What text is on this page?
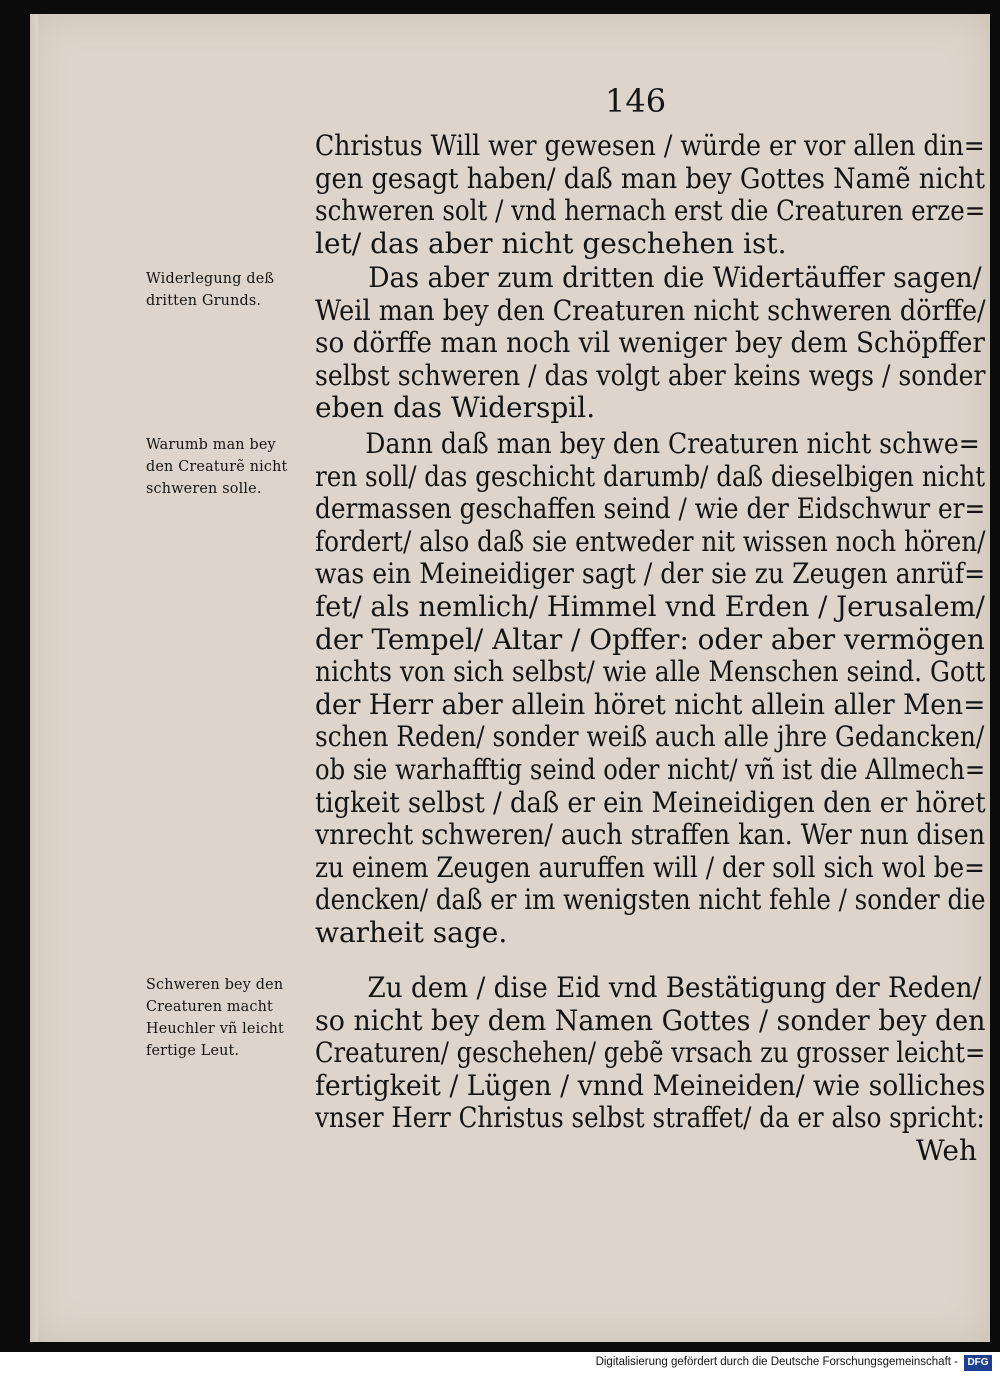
146
Widerlegung deß
dritten Grunds.
Warumb man bey
den Creaturẽ nicht
schweren solle.
Schweren bey den
Creaturen macht
Heuchler vñ leicht
fertige Leut.
Christus Will wer gewesen / würde er vor allen din=
gen gesagt haben/ daß man bey Gottes Namẽ nicht
schweren solt / vnd hernach erst die Creaturen erze=
let/ das aber nicht geschehen ist.
Das aber zum dritten die Widertäuffer sagen/
Weil man bey den Creaturen nicht schweren dörffe/
so dörffe man noch vil weniger bey dem Schöpffer
selbst schweren / das volgt aber keins wegs / sonder
eben das Widerspil.
Dann daß man bey den Creaturen nicht schwe=
ren soll/ das geschicht darumb/ daß dieselbigen nicht
dermassen geschaffen seind / wie der Eidschwur er=
fordert/ also daß sie entweder nit wissen noch hören/
was ein Meineidiger sagt / der sie zu Zeugen anrüf=
fet/ als nemlich/ Himmel vnd Erden / Jerusalem/
der Tempel/ Altar / Opffer: oder aber vermögen
nichts von sich selbst/ wie alle Menschen seind. Gott
der Herr aber allein höret nicht allein aller Men=
schen Reden/ sonder weiß auch alle jhre Gedancken/
ob sie warhafftig seind oder nicht/ vñ ist die Allmech=
tigkeit selbst / daß er ein Meineidigen den er höret
vnrecht schweren/ auch straffen kan. Wer nun disen
zu einem Zeugen auruffen will / der soll sich wol be=
dencken/ daß er im wenigsten nicht fehle / sonder die
warheit sage.
Zu dem / dise Eid vnd Bestätigung der Reden/
so nicht bey dem Namen Gottes / sonder bey den
Creaturen/ geschehen/ gebẽ vrsach zu grosser leicht=
fertigkeit / Lügen / vnnd Meineiden/ wie solliches
vnser Herr Christus selbst straffet/ da er also spricht:
Weh
Digitalisierung gefördert durch die Deutsche Forschungsgemeinschaft - DFG
